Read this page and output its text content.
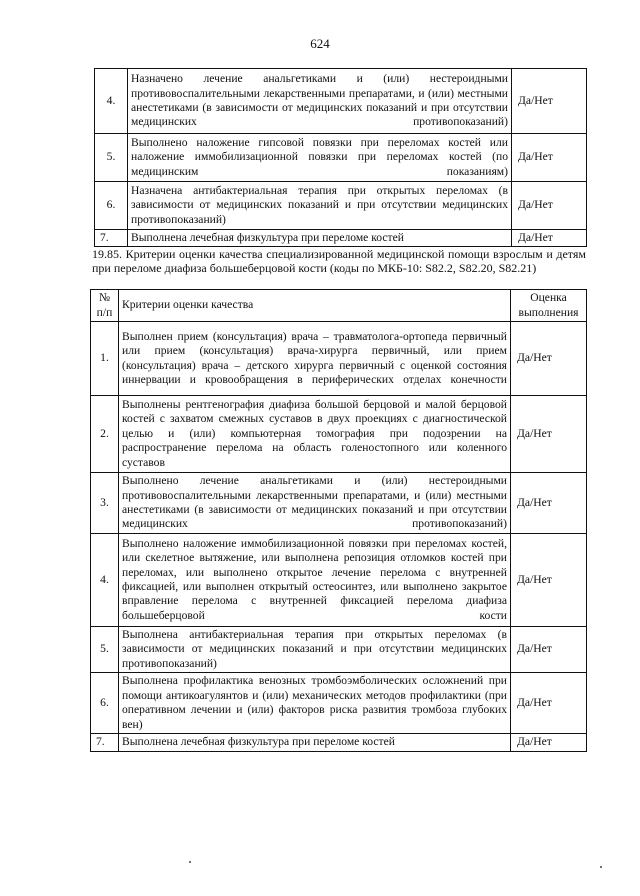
624
4.	Назначено лечение анальгетиками и (или) нестероидными противовоспалительными лекарственными препаратами, и (или) местными анестетиками (в зависимости от медицинских показаний и при отсутствии медицинских противопоказаний)	Да/Нет
5.	Выполнено наложение гипсовой повязки при переломах костей или наложение иммобилизационной повязки при переломах костей (по медицинским показаниям)	Да/Нет
6.	Назначена антибактериальная терапия при открытых переломах (в зависимости от медицинских показаний и при отсутствии медицинских противопоказаний)	Да/Нет
7.	Выполнена лечебная физкультура при переломе костей	Да/Нет
19.85. Критерии оценки качества специализированной медицинской помощи взрослым и детям при переломе диафиза большеберцовой кости (коды по МКБ-10: S82.2, S82.20, S82.21)
№ п/п	Критерии оценки качества	Оценка выполнения
1.	Выполнен прием (консультация) врача – травматолога-ортопеда первичный или прием (консультация) врача-хирурга первичный, или прием (консультация) врача – детского хирурга первичный с оценкой состояния иннервации и кровообращения в периферических отделах конечности	Да/Нет
2.	Выполнены рентгенография диафиза большой берцовой и малой берцовой костей с захватом смежных суставов в двух проекциях с диагностической целью и (или) компьютерная томография при подозрении на распространение перелома на область голеностопного или коленного суставов	Да/Нет
3.	Выполнено лечение анальгетиками и (или) нестероидными противовоспалительными лекарственными препаратами, и (или) местными анестетиками (в зависимости от медицинских показаний и при отсутствии медицинских противопоказаний)	Да/Нет
4.	Выполнено наложение иммобилизационной повязки при переломах костей, или скелетное вытяжение, или выполнена репозиция отломков костей при переломах, или выполнено открытое лечение перелома с внутренней фиксацией, или выполнен открытый остеосинтез, или выполнено закрытое вправление перелома с внутренней фиксацией перелома диафиза большеберцовой кости	Да/Нет
5.	Выполнена антибактериальная терапия при открытых переломах (в зависимости от медицинских показаний и при отсутствии медицинских противопоказаний)	Да/Нет
6.	Выполнена профилактика венозных тромбоэмболических осложнений при помощи антикоагулянтов и (или) механических методов профилактики (при оперативном лечении и (или) факторов риска развития тромбоза глубоких вен)	Да/Нет
7.	Выполнена лечебная физкультура при переломе костей	Да/Нет
